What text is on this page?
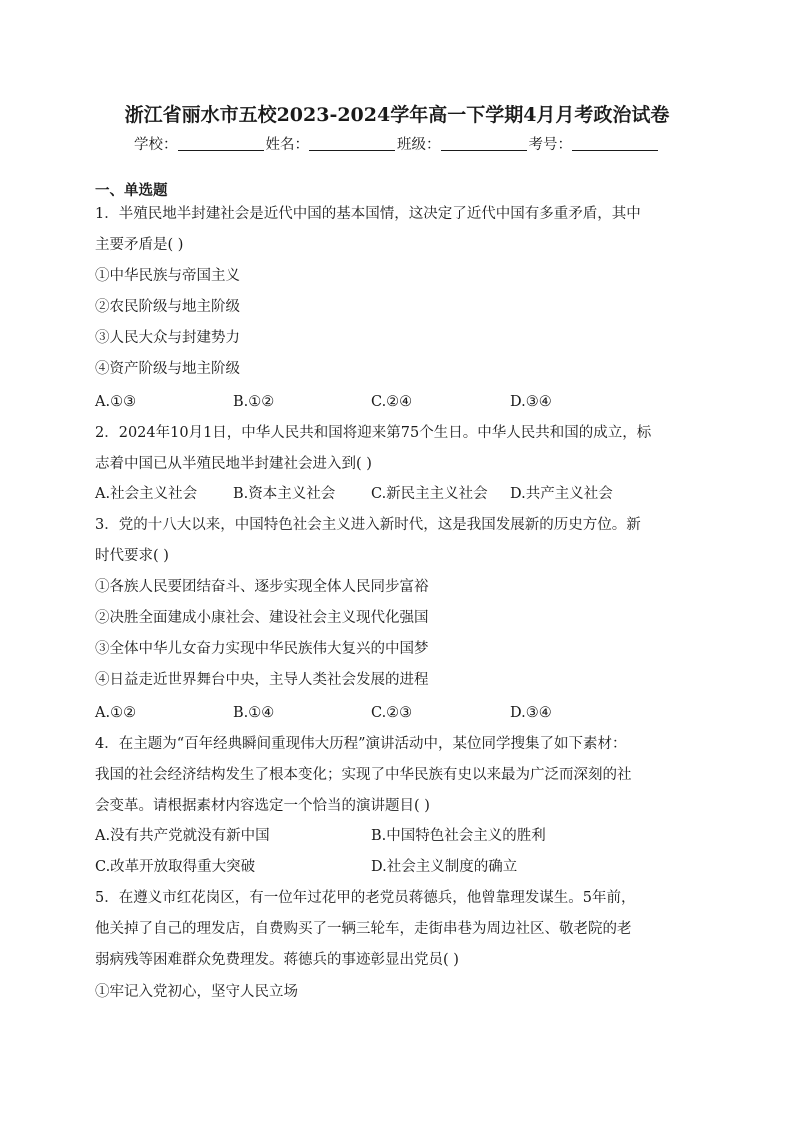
浙江省丽水市五校2023-2024学年高一下学期4月月考政治试卷
学校：	姓名：	班级：	考号：
一、单选题
1．半殖民地半封建社会是近代中国的基本国情，这决定了近代中国有多重矛盾，其中
主要矛盾是( )
①中华民族与帝国主义
②农民阶级与地主阶级
③人民大众与封建势力
④资产阶级与地主阶级
A.①③	B.①②	C.②④	D.③④
2．2024年10月1日，中华人民共和国将迎来第75个生日。中华人民共和国的成立，标
志着中国已从半殖民地半封建社会进入到( )
A.社会主义社会 B.资本主义社会 C.新民主主义社会 D.共产主义社会
3．党的十八大以来，中国特色社会主义进入新时代，这是我国发展新的历史方位。新
时代要求( )
①各族人民要团结奋斗、逐步实现全体人民同步富裕
②决胜全面建成小康社会、建设社会主义现代化强国
③全体中华儿女奋力实现中华民族伟大复兴的中国梦
④日益走近世界舞台中央，主导人类社会发展的进程
A.①②	B.①④	C.②③	D.③④
4．在主题为“百年经典瞬间重现伟大历程”演讲活动中，某位同学搜集了如下素材：
我国的社会经济结构发生了根本变化；实现了中华民族有史以来最为广泛而深刻的社
会变革。请根据素材内容选定一个恰当的演讲题目( )
A.没有共产党就没有新中国	B.中国特色社会主义的胜利
C.改革开放取得重大突破	D.社会主义制度的确立
5．在遵义市红花岗区，有一位年过花甲的老党员蒋德兵，他曾靠理发谋生。5年前，
他关掉了自己的理发店，自费购买了一辆三轮车，走街串巷为周边社区、敬老院的老
弱病残等困难群众免费理发。蒋德兵的事迹彰显出党员( )
①牢记入党初心，坚守人民立场
